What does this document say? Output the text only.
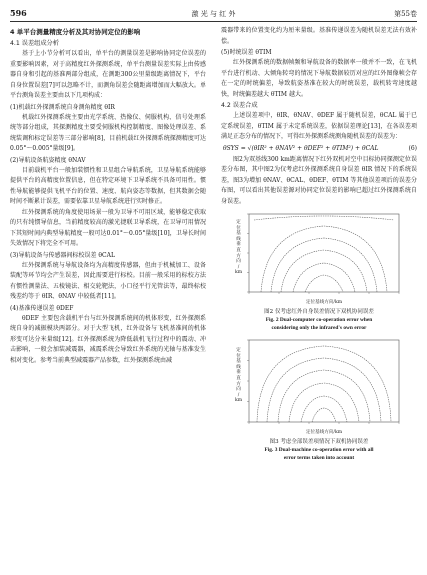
596	激 光 与 红 外	第55卷
4 单平台测量精度分析及其对协同定位的影响
4.1 误差组成分析

基于上小节分析可以看出，单平台的测量误差是影响协同定位误差的重要影响因素，对于高精度红外探测系统，单平台测量误差实际上由传感器自身和引起的基准两部分组成，在测距300公里量级距离情况下，平台自身位置误差[7]可以忽略不计，而测角误差会随距离增加而大幅放大。单平台测角误差主要由以下几项构成：

(1)机载红外探测系统自身测角精度 θIR

机载红外探测系统主要由光学系统、热像仪、伺服机构、信号处理系统等部分组成，其探测精度主要受伺服机构控制精度、图像处理误差、系统装调和标定误差等三部分影响[8]，目前机载红外探测系统探测精度可达0.05°～0.005°量级[9]。

(2)导航设备航姿精度 θNAV

目前载机平台一般加装惯性和卫星组合导航系统，卫星导航系统能够提供平台的高精度位置信息，但在特定环境下卫导系统不具备可用性。惯性导航能够提供飞机平台的位置、速度、航向姿态等数据，但其数据会随时间不断累计误差，需要依靠卫星导航系统进行实时修正。

红外探测系统的角度使用场景一般为卫导不可用区域，能够稳定获取的只有纯惯导信息，当前精度较高的激光捷联卫导系统，在卫导可用情况下其短时间内典型导航精度一般可达0.01°～0.05°量级[10]，卫导长时间失效情况下将完全不可用。

(3)导航设备与传感器间标校误差 θCAL

红外探测系统与导航设备均为高精度传感器，但由于机械加工、设备装配等环节均会产生误差，因此需要进行标校。目前一般采用的标校方法有惯性测量法、五棱镜法、相交轮靶法，小口径平行光管法等，最终标校残差约等于 θIR、θNAV 中较低者[11]。

(4)基准传递误差 θDEF

θDEF 主要包含载机平台与红外探测系统间的机体形变，红外探测系统自身的减振模块两部分。对于大型飞机，红外设备与飞机基准间的机体形变可达分米量级[12]。红外探测系统为降低载机飞行过程中的震动、冲击影响，一般会加装减震器，减震系统会导致红外系统的光轴与基准发生相对变化。参考当前典型减震器产品参数，红外探测系统由减

震器带来的位置变化约为厘米量级。基准传递误差为随机误差无法有效补偿。

(5)时统误差 θTIM

红外探测系统的数据帧频和导航设备的数据率一般并不一致，在飞机平台进行机动、大倾角转弯的情况下导航数据较历对应的红外图像帧会存在一定的时统偏差，导致航姿基准在较大的时统误差，载机转弯速度越快，时统偏差越大 θTIM 越大。

4.2 误差合成

上述误差项中，θIR、θNAV、θDEF 属于随机误差，θCAL 属于已定系统误差，θTIM 属于未定系统误差，依据误差理论[13]，在各误差项满足正态分布的情况下，可得红外探测系统测角随机误差的误差为：

θSYS = √(θIR² + θNAV² + θDEF² + θTIM²) + θCAL	(6)

图2为双基线300 km距离情况下红外双机对空中目标协同探测定位误差分布图，其中图2为仅考虑红外探测系统自身误差 θIR 情况下的系统误差，图3为增加 θNAV、θCAL、θDEF、θTIM 等其他误差项后的误差分布图，可以看出其他误差源对协同定位误差的影响已超过红外探测系统自身误差。

定
位
基
线
垂
直
方
向
/
km
定位基线方向/km
图2 仅考虑红外自身误差情况下双机协同误差
Fig. 2 Dual-computer co-operation error when
considering only the infrared's own error
定
位
基
线
垂
直
方
向
/
km
定位基线方向/km
图3 考虑全部误差项情况下双机协同误差
Fig. 3 Dual-machine co-operation error with all
error terms taken into account
